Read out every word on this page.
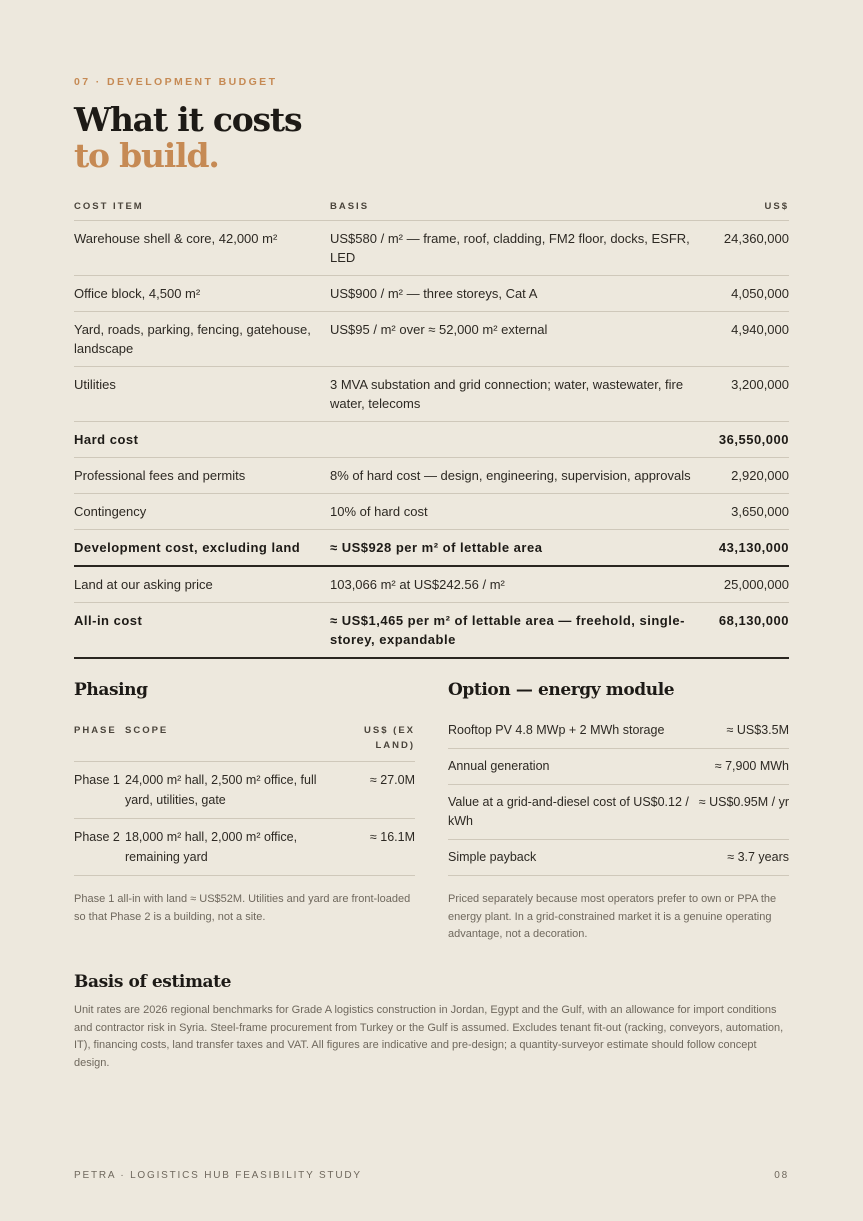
07 · DEVELOPMENT BUDGET
What it costs
to build.
COST ITEM	BASIS	US$
Warehouse shell & core, 42,000 m²	US$580 / m² — frame, roof, cladding, FM2 floor, docks, ESFR, LED	24,360,000
Office block, 4,500 m²	US$900 / m² — three storeys, Cat A	4,050,000
Yard, roads, parking, fencing, gatehouse, landscape	US$95 / m² over ≈ 52,000 m² external	4,940,000
Utilities	3 MVA substation and grid connection; water, wastewater, fire water, telecoms	3,200,000
Hard cost		36,550,000
Professional fees and permits	8% of hard cost — design, engineering, supervision, approvals	2,920,000
Contingency	10% of hard cost	3,650,000
Development cost, excluding land	≈ US$928 per m² of lettable area	43,130,000
Land at our asking price	103,066 m² at US$242.56 / m²	25,000,000
All-in cost	≈ US$1,465 per m² of lettable area — freehold, single-storey, expandable	68,130,000
Phasing
PHASE	SCOPE	US$ (EX LAND)
Phase 1	24,000 m² hall, 2,500 m² office, full yard, utilities, gate	≈ 27.0M
Phase 2	18,000 m² hall, 2,000 m² office, remaining yard	≈ 16.1M
Phase 1 all-in with land ≈ US$52M. Utilities and yard are front-loaded so that Phase 2 is a building, not a site.
Option — energy module
Rooftop PV 4.8 MWp + 2 MWh storage	≈ US$3.5M
Annual generation	≈ 7,900 MWh
Value at a grid-and-diesel cost of US$0.12 / kWh	≈ US$0.95M / yr
Simple payback	≈ 3.7 years
Priced separately because most operators prefer to own or PPA the energy plant. In a grid-constrained market it is a genuine operating advantage, not a decoration.
Basis of estimate
Unit rates are 2026 regional benchmarks for Grade A logistics construction in Jordan, Egypt and the Gulf, with an allowance for import conditions and contractor risk in Syria. Steel-frame procurement from Turkey or the Gulf is assumed. Excludes tenant fit-out (racking, conveyors, automation, IT), financing costs, land transfer taxes and VAT. All figures are indicative and pre-design; a quantity-surveyor estimate should follow concept design.
PETRA · LOGISTICS HUB FEASIBILITY STUDY	08
